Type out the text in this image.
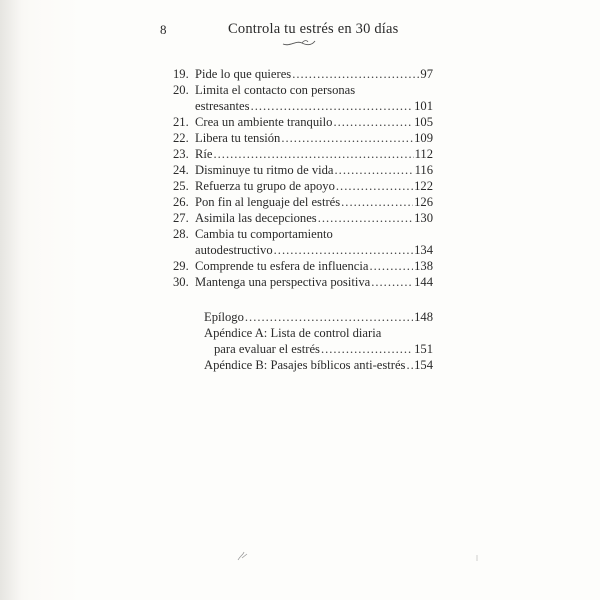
8	Controla tu estrés en 30 días
19. Pide lo que quieres .....	97
20. Limita el contacto con personas
estresantes .....	101
21. Crea un ambiente tranquilo .....	105
22. Libera tu tensión .....	109
23. Ríe .....	112
24. Disminuye tu ritmo de vida .....	116
25. Refuerza tu grupo de apoyo .....	122
26. Pon fin al lenguaje del estrés .....	126
27. Asimila las decepciones .....	130
28. Cambia tu comportamiento
autodestructivo .....	134
29. Comprende tu esfera de influencia .....	138
30. Mantenga una perspectiva positiva .....	144
Epílogo .....	148
Apéndice A: Lista de control diaria
para evaluar el estrés .....	151
Apéndice B: Pasajes bíblicos anti-estrés ..... 154
